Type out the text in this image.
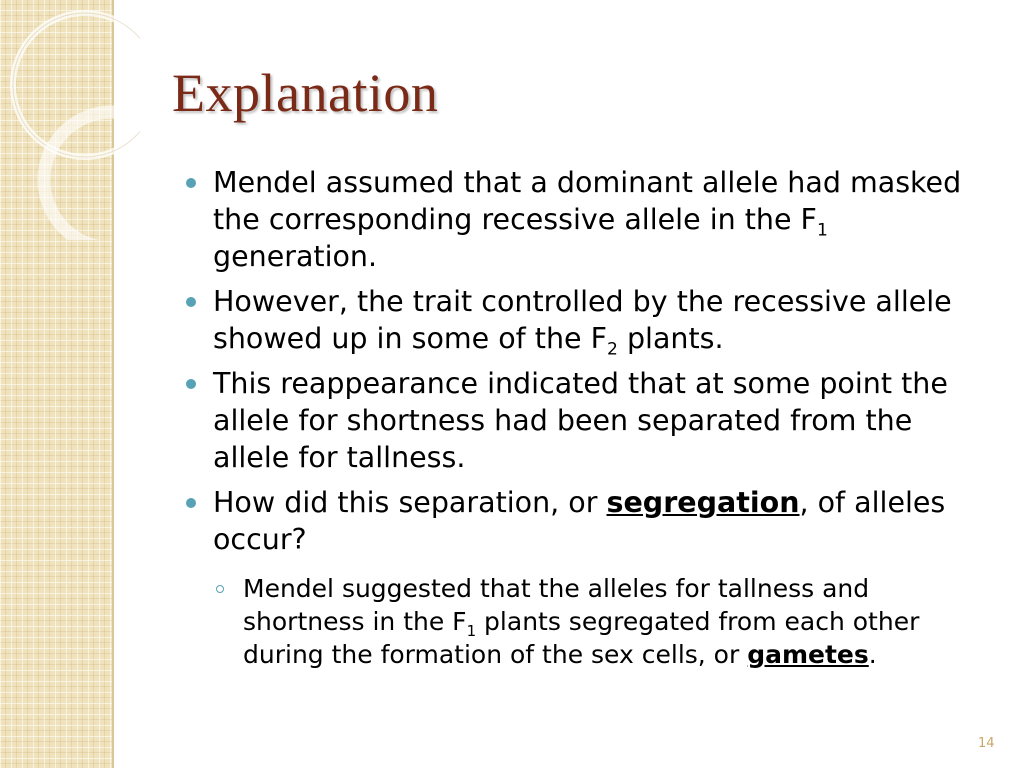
Explanation
Mendel assumed that a dominant allele had masked the corresponding recessive allele in the $F_1$ generation.
However, the trait controlled by the recessive allele showed up in some of the $F_2$ plants.
This reappearance indicated that at some point the allele for shortness had been separated from the allele for tallness.
How did this separation, or segregation, of alleles occur?
Mendel suggested that the alleles for tallness and shortness in the $F_1$ plants segregated from each other during the formation of the sex cells, or gametes.
14
